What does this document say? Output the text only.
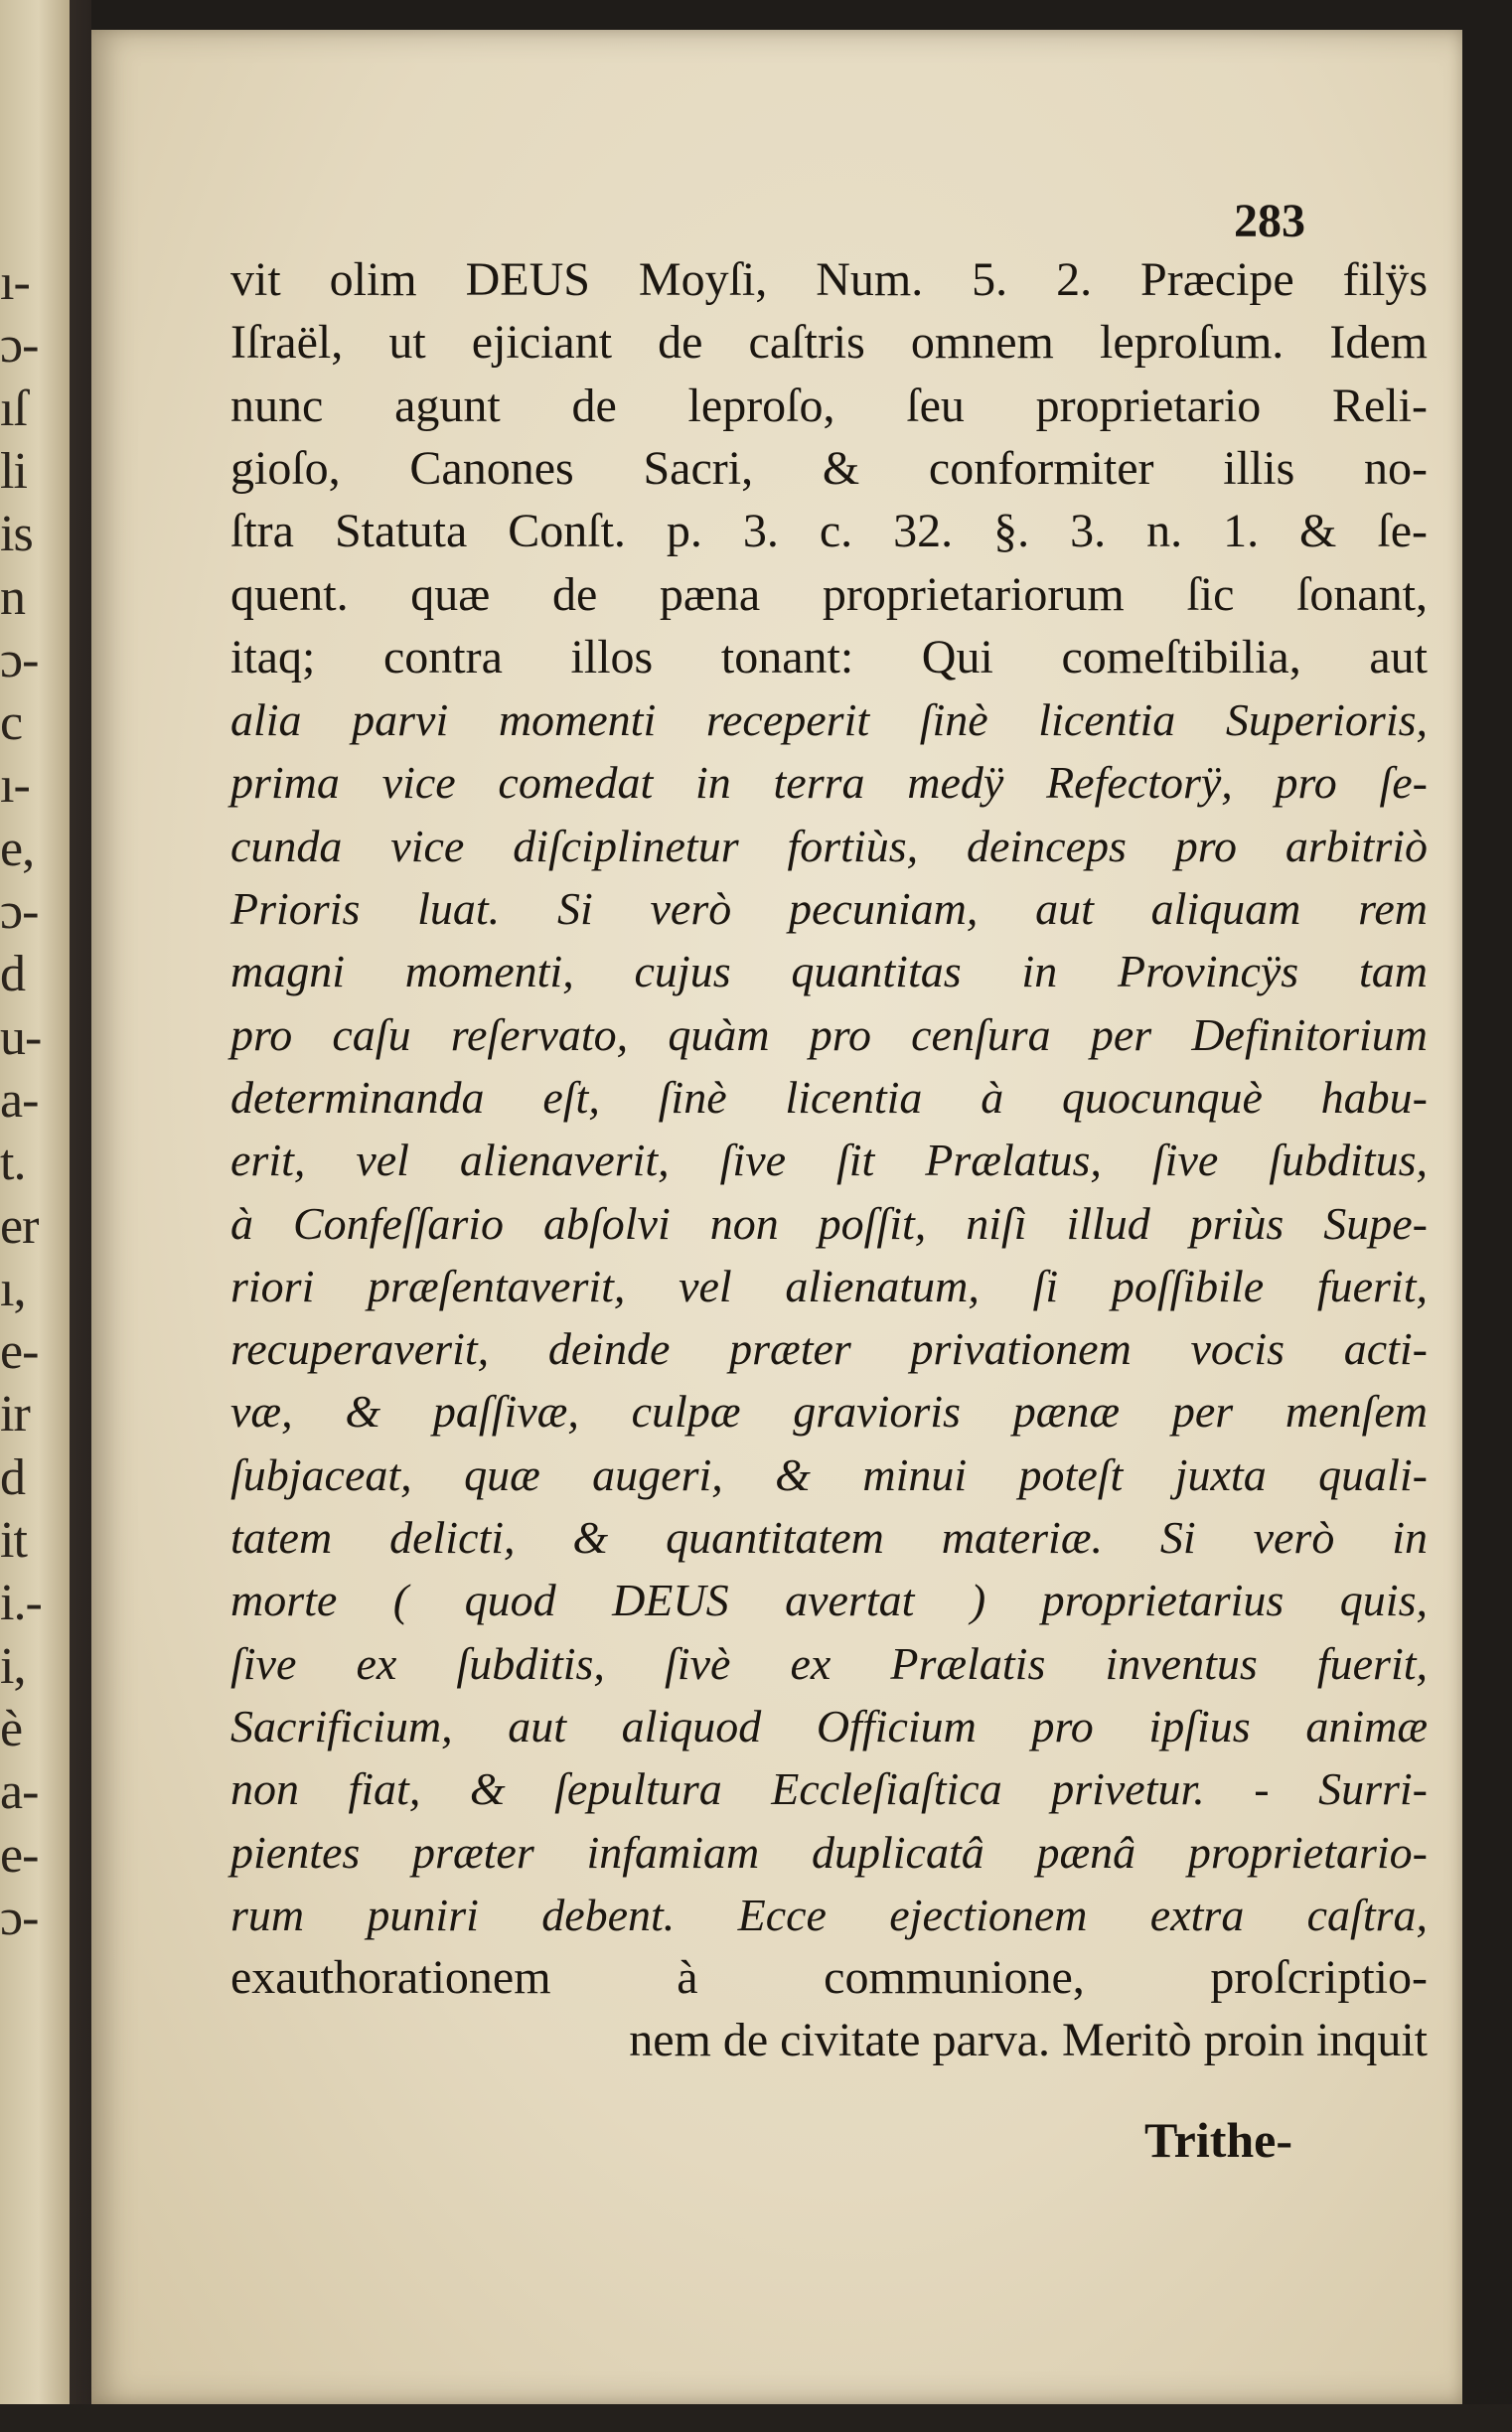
ı-
ɔ-
ıſ
li
is
n
ɔ-
c
ı-
e,
ɔ-
d
u-
a-
t.
er
ı,
e-
ir
d
it
i.-
i,
è
a-
e-
ɔ-
283
vit olim DEUS Moyſi, Num. 5. 2. Præcipe filÿs
Iſraël, ut ejiciant de caſtris omnem leproſum. Idem
nunc agunt de leproſo, ſeu proprietario Reli-
gioſo, Canones Sacri, & conformiter illis no-
ſtra Statuta Conſt. p. 3. c. 32. §. 3. n. 1. & ſe-
quent. quæ de pæna proprietariorum ſic ſonant,
itaq; contra illos tonant: Qui comeſtibilia, aut
alia parvi momenti receperit ſinè licentia Superioris,
prima vice comedat in terra medÿ Refectorÿ, pro ſe-
cunda vice diſciplinetur fortiùs, deinceps pro arbitriò
Prioris luat. Si verò pecuniam, aut aliquam rem
magni momenti, cujus quantitas in Provincÿs tam
pro caſu reſervato, quàm pro cenſura per Definitorium
determinanda eſt, ſinè licentia à quocunquè habu-
erit, vel alienaverit, ſive ſit Prælatus, ſive ſubditus,
à Confeſſario abſolvi non poſſit, niſì illud priùs Supe-
riori præſentaverit, vel alienatum, ſi poſſibile fuerit,
recuperaverit, deinde præter privationem vocis acti-
væ, & paſſivæ, culpæ gravioris pænæ per menſem
ſubjaceat, quæ augeri, & minui poteſt juxta quali-
tatem delicti, & quantitatem materiæ. Si verò in
morte ( quod DEUS avertat ) proprietarius quis,
ſive ex ſubditis, ſivè ex Prælatis inventus fuerit,
Sacrificium, aut aliquod Officium pro ipſius animæ
non fiat, & ſepultura Eccleſiaſtica privetur. - Surri-
pientes præter infamiam duplicatâ pænâ proprietario-
rum puniri debent. Ecce ejectionem extra caſtra,
exauthorationem à communione, proſcriptio-
nem de civitate parva. Meritò proin inquit
Trithe-
